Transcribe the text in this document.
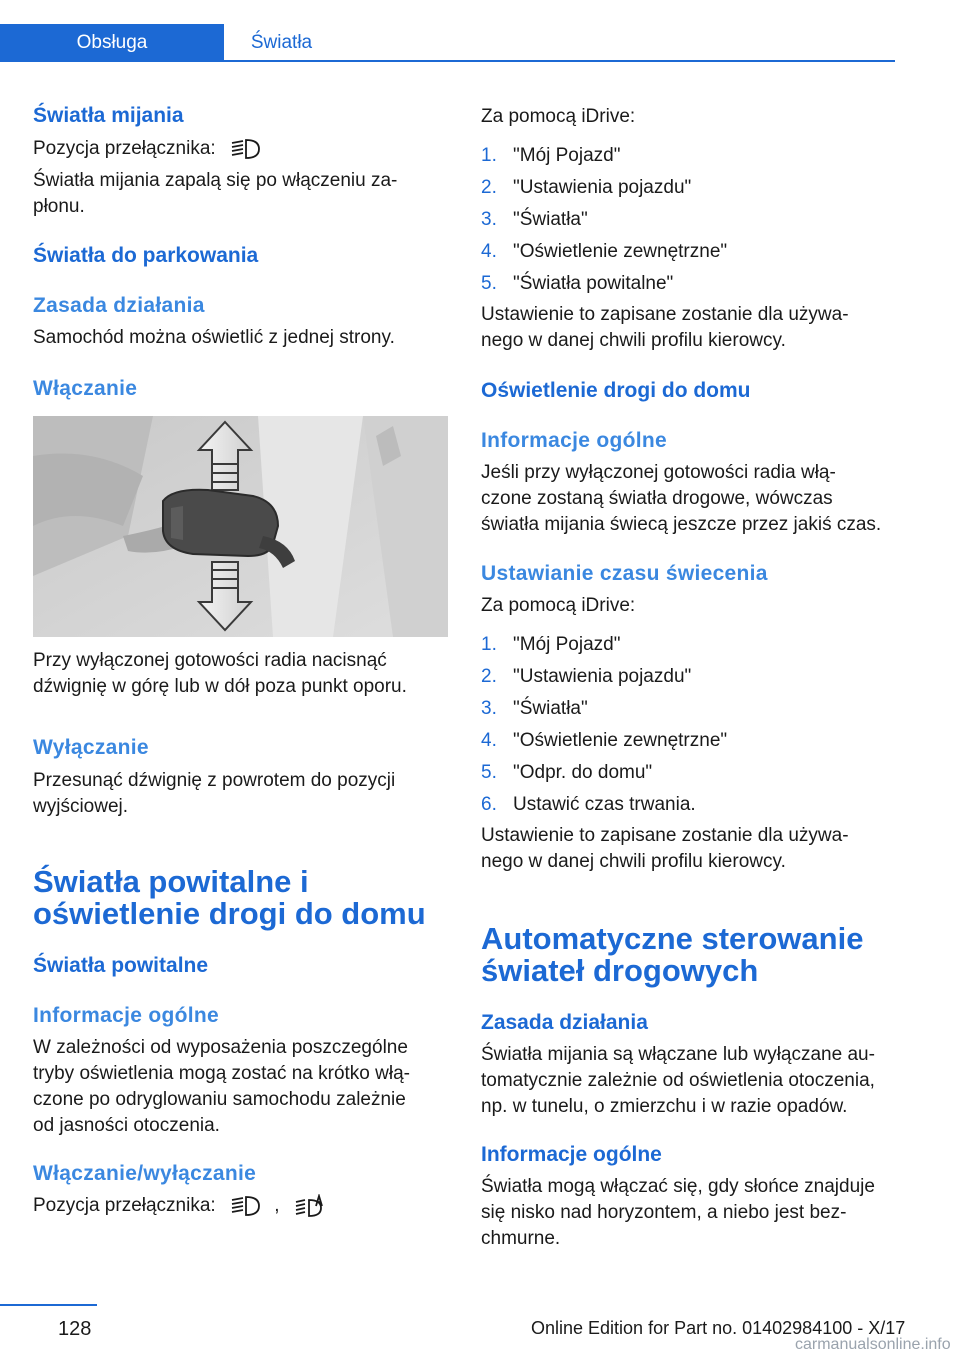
Obsługa	Światła
Światła mijania
Pozycja przełącznika:
Światła mijania zapalą się po włączeniu za‐
płonu.
Światła do parkowania
Zasada działania
Samochód można oświetlić z jednej strony.
Włączanie
Przy wyłączonej gotowości radia nacisnąć
dźwignię w górę lub w dół poza punkt oporu.
Wyłączanie
Przesunąć dźwignię z powrotem do pozycji
wyjściowej.
Światła powitalne i
oświetlenie drogi do domu
Światła powitalne
Informacje ogólne
W zależności od wyposażenia poszczególne
tryby oświetlenia mogą zostać na krótko włą‐
czone po odryglowaniu samochodu zależnie
od jasności otoczenia.
Włączanie/wyłączanie
Pozycja przełącznika:	,
Za pomocą iDrive:
1. "Mój Pojazd"
2. "Ustawienia pojazdu"
3. "Światła"
4. "Oświetlenie zewnętrzne"
5. "Światła powitalne"
Ustawienie to zapisane zostanie dla używa‐
nego w danej chwili profilu kierowcy.
Oświetlenie drogi do domu
Informacje ogólne
Jeśli przy wyłączonej gotowości radia włą‐
czone zostaną światła drogowe, wówczas
światła mijania świecą jeszcze przez jakiś czas.
Ustawianie czasu świecenia
Za pomocą iDrive:
1. "Mój Pojazd"
2. "Ustawienia pojazdu"
3. "Światła"
4. "Oświetlenie zewnętrzne"
5. "Odpr. do domu"
6. Ustawić czas trwania.
Ustawienie to zapisane zostanie dla używa‐
nego w danej chwili profilu kierowcy.
Automatyczne sterowanie
świateł drogowych
Zasada działania
Światła mijania są włączane lub wyłączane au‐
tomatycznie zależnie od oświetlenia otoczenia,
np. w tunelu, o zmierzchu i w razie opadów.
Informacje ogólne
Światła mogą włączać się, gdy słońce znajduje
się nisko nad horyzontem, a niebo jest bez‐
chmurne.
128	Online Edition for Part no. 01402984100 - X/17
carmanualsonline.info
